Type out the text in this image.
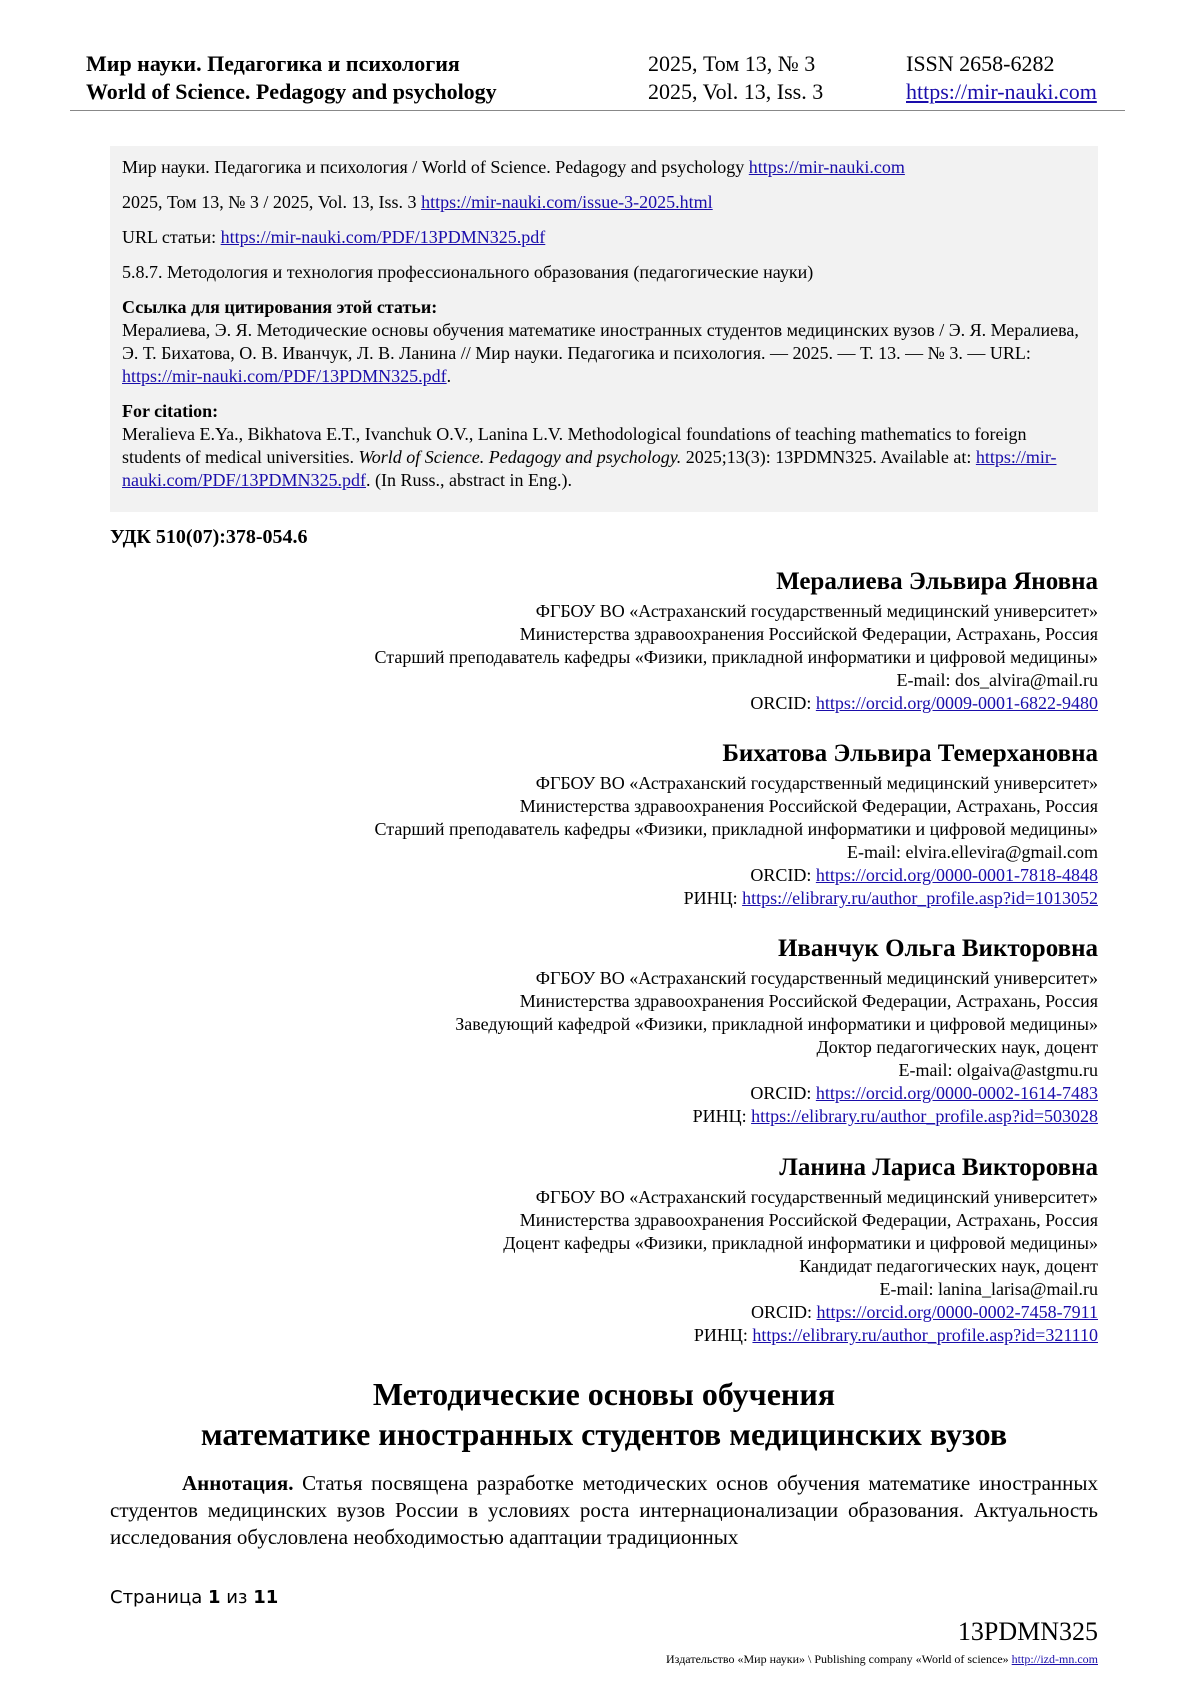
Мир науки. Педагогика и психология
World of Science. Pedagogy and psychology
2025, Том 13, № 3
2025, Vol. 13, Iss. 3
ISSN 2658-6282
https://mir-nauki.com

Мир науки. Педагогика и психология / World of Science. Pedagogy and psychology https://mir-nauki.com

2025, Том 13, № 3 / 2025, Vol. 13, Iss. 3 https://mir-nauki.com/issue-3-2025.html

URL статьи: https://mir-nauki.com/PDF/13PDMN325.pdf

5.8.7. Методология и технология профессионального образования (педагогические науки)

Ссылка для цитирования этой статьи:

Мералиева, Э. Я. Методические основы обучения математике иностранных студентов медицинских вузов / Э. Я. Мералиева, Э. Т. Бихатова, О. В. Иванчук, Л. В. Ланина // Мир науки. Педагогика и психология. — 2025. — Т. 13. — № 3. — URL: https://mir-nauki.com/PDF/13PDMN325.pdf.

For citation:

Meralieva E.Ya., Bikhatova E.T., Ivanchuk O.V., Lanina L.V. Methodological foundations of teaching mathematics to foreign students of medical universities. World of Science. Pedagogy and psychology. 2025;13(3): 13PDMN325. Available at: https://mir-nauki.com/PDF/13PDMN325.pdf. (In Russ., abstract in Eng.).

УДК 510(07):378-054.6
Мералиева Эльвира Яновна
ФГБОУ ВО «Астраханский государственный медицинский университет»
Министерства здравоохранения Российской Федерации, Астрахань, Россия
Старший преподаватель кафедры «Физики, прикладной информатики и цифровой медицины»
E-mail: dos_alvira@mail.ru
ORCID: https://orcid.org/0009-0001-6822-9480
Бихатова Эльвира Темерхановна
ФГБОУ ВО «Астраханский государственный медицинский университет»
Министерства здравоохранения Российской Федерации, Астрахань, Россия
Старший преподаватель кафедры «Физики, прикладной информатики и цифровой медицины»
E-mail: elvira.ellevira@gmail.com
ORCID: https://orcid.org/0000-0001-7818-4848
РИНЦ: https://elibrary.ru/author_profile.asp?id=1013052
Иванчук Ольга Викторовна
ФГБОУ ВО «Астраханский государственный медицинский университет»
Министерства здравоохранения Российской Федерации, Астрахань, Россия
Заведующий кафедрой «Физики, прикладной информатики и цифровой медицины»
Доктор педагогических наук, доцент
E-mail: olgaiva@astgmu.ru
ORCID: https://orcid.org/0000-0002-1614-7483
РИНЦ: https://elibrary.ru/author_profile.asp?id=503028
Ланина Лариса Викторовна
ФГБОУ ВО «Астраханский государственный медицинский университет»
Министерства здравоохранения Российской Федерации, Астрахань, Россия
Доцент кафедры «Физики, прикладной информатики и цифровой медицины»
Кандидат педагогических наук, доцент
E-mail: lanina_larisa@mail.ru
ORCID: https://orcid.org/0000-0002-7458-7911
РИНЦ: https://elibrary.ru/author_profile.asp?id=321110
Методические основы обучения
математике иностранных студентов медицинских вузов
Аннотация. Статья посвящена разработке методических основ обучения математике иностранных студентов медицинских вузов России в условиях роста интернационализации образования. Актуальность исследования обусловлена необходимостью адаптации традиционных
Страница 1 из 11
13PDMN325
Издательство «Мир науки» \ Publishing company «World of science» http://izd-mn.com
